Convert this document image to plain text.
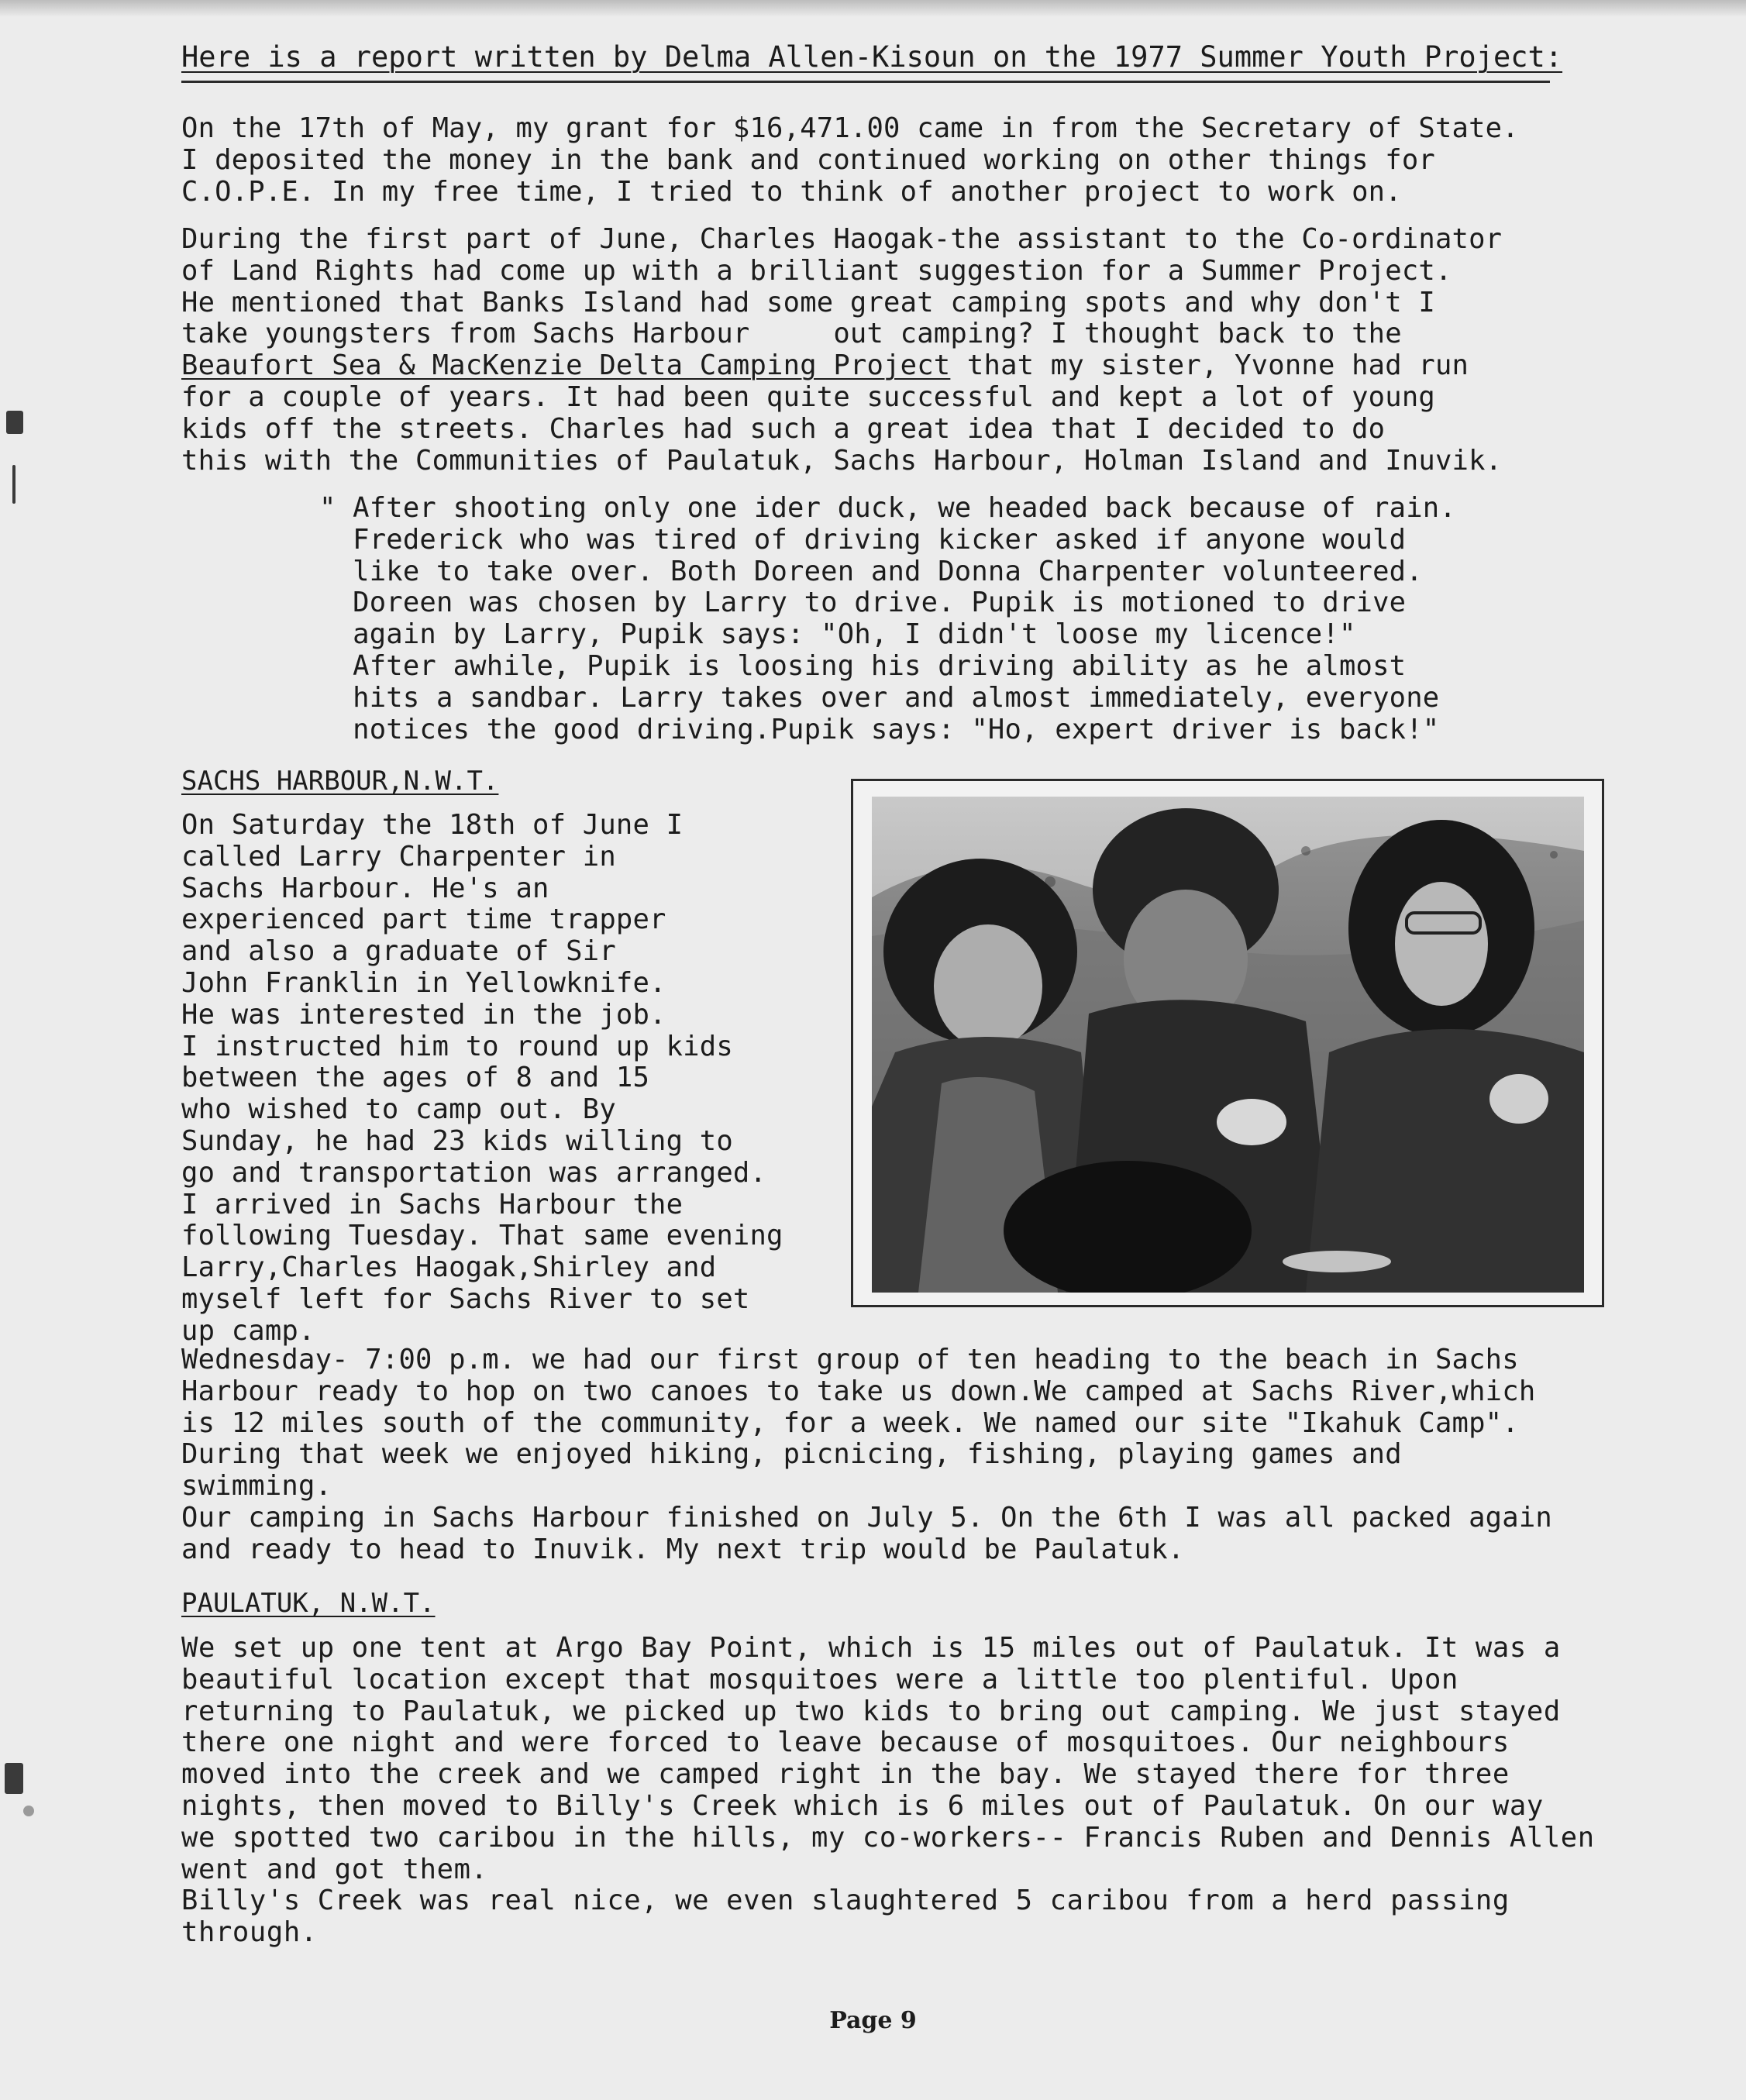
Here is a report written by Delma Allen-Kisoun on the 1977 Summer Youth Project:

On the 17th of May, my grant for $16,471.00 came in from the Secretary of State.
I deposited the money in the bank and continued working on other things for
C.O.P.E. In my free time, I tried to think of another project to work on.

During the first part of June, Charles Haogak-the assistant to the Co-ordinator
of Land Rights had come up with a brilliant suggestion for a Summer Project.
He mentioned that Banks Island had some great camping spots and why don't I
take youngsters from Sachs Harbour     out camping? I thought back to the
Beaufort Sea & MacKenzie Delta Camping Project that my sister, Yvonne had run
for a couple of years. It had been quite successful and kept a lot of young
kids off the streets. Charles had such a great idea that I decided to do
this with the Communities of Paulatuk, Sachs Harbour, Holman Island and Inuvik.

" After shooting only one ider duck, we headed back because of rain.
Frederick who was tired of driving kicker asked if anyone would
like to take over. Both Doreen and Donna Charpenter volunteered.
Doreen was chosen by Larry to drive. Pupik is motioned to drive
again by Larry, Pupik says: "Oh, I didn't loose my licence!"
After awhile, Pupik is loosing his driving ability as he almost
hits a sandbar. Larry takes over and almost immediately, everyone
notices the good driving.Pupik says: "Ho, expert driver is back!"

SACHS HARBOUR,N.W.T.

On Saturday the 18th of June I
called Larry Charpenter in
Sachs Harbour. He's an
experienced part time trapper
and also a graduate of Sir
John Franklin in Yellowknife.
He was interested in the job.
I instructed him to round up kids
between the ages of 8 and 15
who wished to camp out. By
Sunday, he had 23 kids willing to
go and transportation was arranged.
I arrived in Sachs Harbour the
following Tuesday. That same evening
Larry,Charles Haogak,Shirley and
myself left for Sachs River to set
up camp.

Wednesday- 7:00 p.m. we had our first group of ten heading to the beach in Sachs
Harbour ready to hop on two canoes to take us down.We camped at Sachs River,which
is 12 miles south of the community, for a week. We named our site "Ikahuk Camp".
During that week we enjoyed hiking, picnicing, fishing, playing games and
swimming.
Our camping in Sachs Harbour finished on July 5. On the 6th I was all packed again
and ready to head to Inuvik. My next trip would be Paulatuk.

PAULATUK, N.W.T.

We set up one tent at Argo Bay Point, which is 15 miles out of Paulatuk. It was a
beautiful location except that mosquitoes were a little too plentiful. Upon
returning to Paulatuk, we picked up two kids to bring out camping. We just stayed
there one night and were forced to leave because of mosquitoes. Our neighbours
moved into the creek and we camped right in the bay. We stayed there for three
nights, then moved to Billy's Creek which is 6 miles out of Paulatuk. On our way
we spotted two caribou in the hills, my co-workers-- Francis Ruben and Dennis Allen
went and got them.
Billy's Creek was real nice, we even slaughtered 5 caribou from a herd passing
through.

Page 9
